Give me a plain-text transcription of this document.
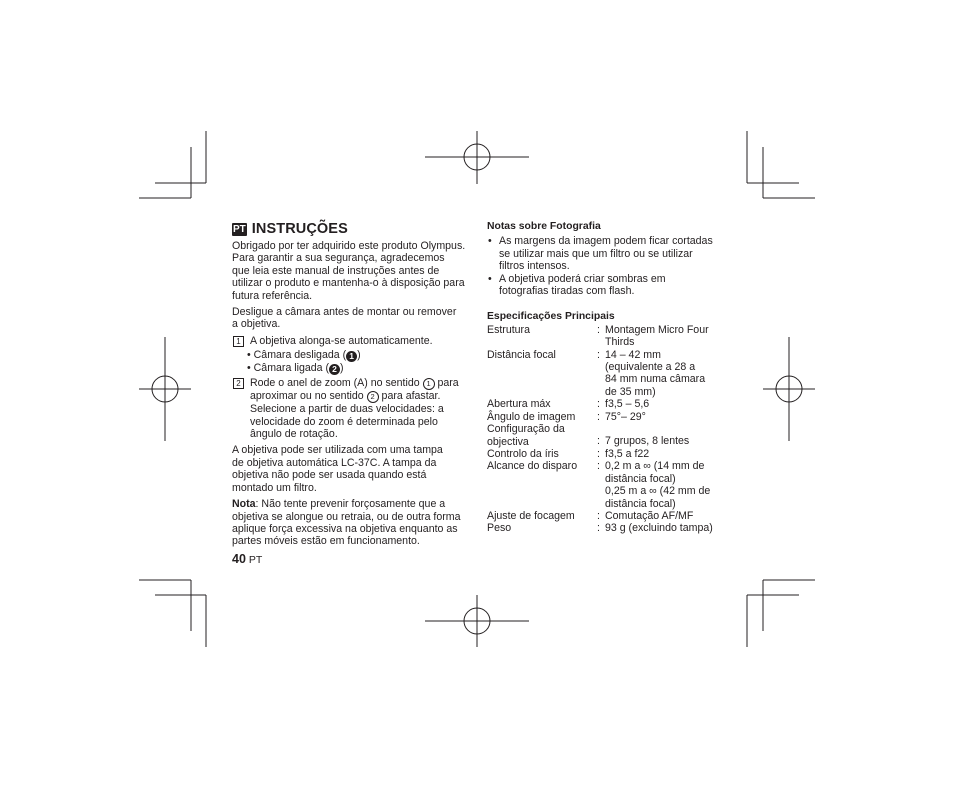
PT INSTRUÇÕES
Obrigado por ter adquirido este produto Olympus.
Para garantir a sua segurança, agradecemos
que leia este manual de instruções antes de
utilizar o produto e mantenha-o à disposição para
futura referência.
Desligue a câmara antes de montar ou remover
a objetiva.
1 A objetiva alonga-se automaticamente.
• Câmara desligada ( 1 )
• Câmara ligada ( 2 )
2 Rode o anel de zoom (A) no sentido 1 para
aproximar ou no sentido 2 para afastar.
Selecione a partir de duas velocidades: a
velocidade do zoom é determinada pelo
ângulo de rotação.
A objetiva pode ser utilizada com uma tampa
de objetiva automática LC-37C. A tampa da
objetiva não pode ser usada quando está
montado um filtro.
Nota: Não tente prevenir forçosamente que a
objetiva se alongue ou retraia, ou de outra forma
aplique força excessiva na objetiva enquanto as
partes móveis estão em funcionamento.
40 PT
Notas sobre Fotografia
• As margens da imagem podem ficar cortadas
se utilizar mais que um filtro ou se utilizar
filtros intensos.
• A objetiva poderá criar sombras em
fotografias tiradas com flash.
Especificações Principais
Estrutura	: Montagem Micro Four
Thirds
Distância focal	: 14 – 42 mm
(equivalente a 28 a
84 mm numa câmara
de 35 mm)
Abertura máx	: f3,5 – 5,6
Ângulo de imagem	: 75°– 29°
Configuração da
objectiva	: 7 grupos, 8 lentes
Controlo da íris	: f3,5 a f22
Alcance do disparo	: 0,2 m a ∞ (14 mm de
distância focal)
0,25 m a ∞ (42 mm de
distância focal)
Ajuste de focagem	: Comutação AF/MF
Peso	: 93 g (excluindo tampa)
